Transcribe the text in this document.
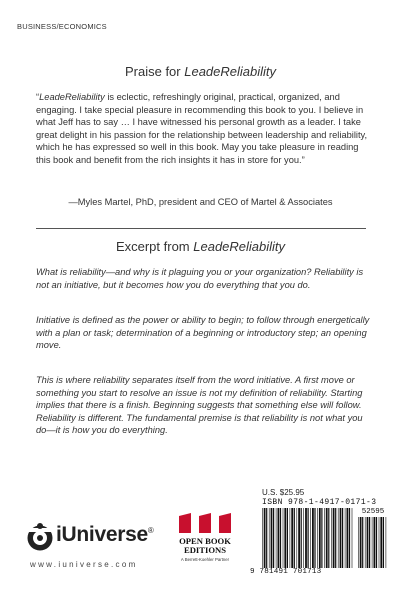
BUSINESS/ECONOMICS
Praise for LeadeReliability

“LeadeReliability is eclectic, refreshingly original, practical, organized, and engaging. I take special pleasure in recommending this book to you. I believe in what Jeff has to say … I have witnessed his personal growth as a leader. I take great delight in his passion for the relationship between leadership and reliability, which he has expressed so well in this book. May you take pleasure in reading this book and benefit from the rich insights it has in store for you.”

—Myles Martel, PhD, president and CEO of Martel & Associates

Excerpt from LeadeReliability

What is reliability—and why is it plaguing you or your organization? Reliability is not an initiative, but it becomes how you do everything that you do.

Initiative is defined as the power or ability to begin; to follow through energetically with a plan or task; determination of a beginning or introductory step; an opening move.

This is where reliability separates itself from the word initiative. A first move or something you start to resolve an issue is not my definition of reliability. Starting implies that there is a finish. Beginning suggests that something else will follow. Reliability is different. The fundamental premise is that reliability is not what you do—it is how you do everything.

iUniverse®
www.iuniverse.com
OPEN BOOK
EDITIONS
A Berrett-Koehler Partner
U.S. $25.95
ISBN 978-1-4917-0171-3
52595
9 781491 701713
